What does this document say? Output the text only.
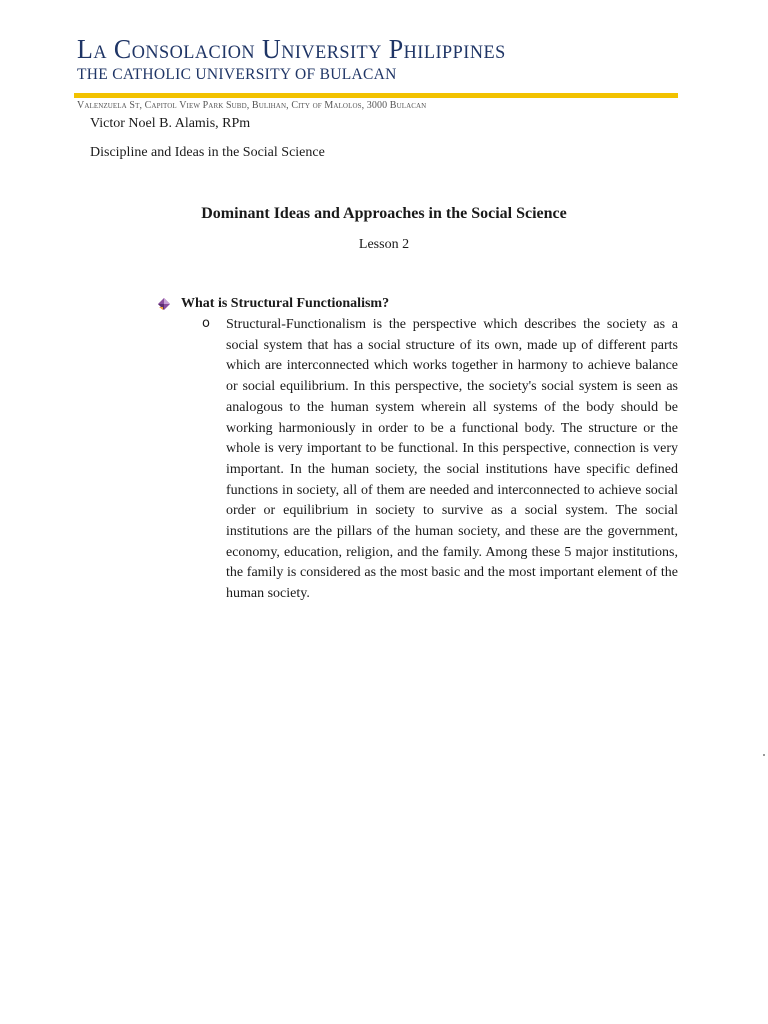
La Consolacion University Philippines
THE CATHOLIC UNIVERSITY OF BULACAN
Valenzuela St, Capitol View Park Subd, Bulihan, City of Malolos, 3000 Bulacan
Victor Noel B. Alamis, RPm
Discipline and Ideas in the Social Science
Dominant Ideas and Approaches in the Social Science
Lesson 2
What is Structural Functionalism?
o Structural-Functionalism is the perspective which describes the society as a social system that has a social structure of its own, made up of different parts which are interconnected which works together in harmony to achieve balance or social equilibrium. In this perspective, the society's social system is seen as analogous to the human system wherein all systems of the body should be working harmoniously in order to be a functional body. The structure or the whole is very important to be functional. In this perspective, connection is very important. In the human society, the social institutions have specific defined functions in society, all of them are needed and interconnected to achieve social order or equilibrium in society to survive as a social system. The social institutions are the pillars of the human society, and these are the government, economy, education, religion, and the family. Among these 5 major institutions, the family is considered as the most basic and the most important element of the human society.
